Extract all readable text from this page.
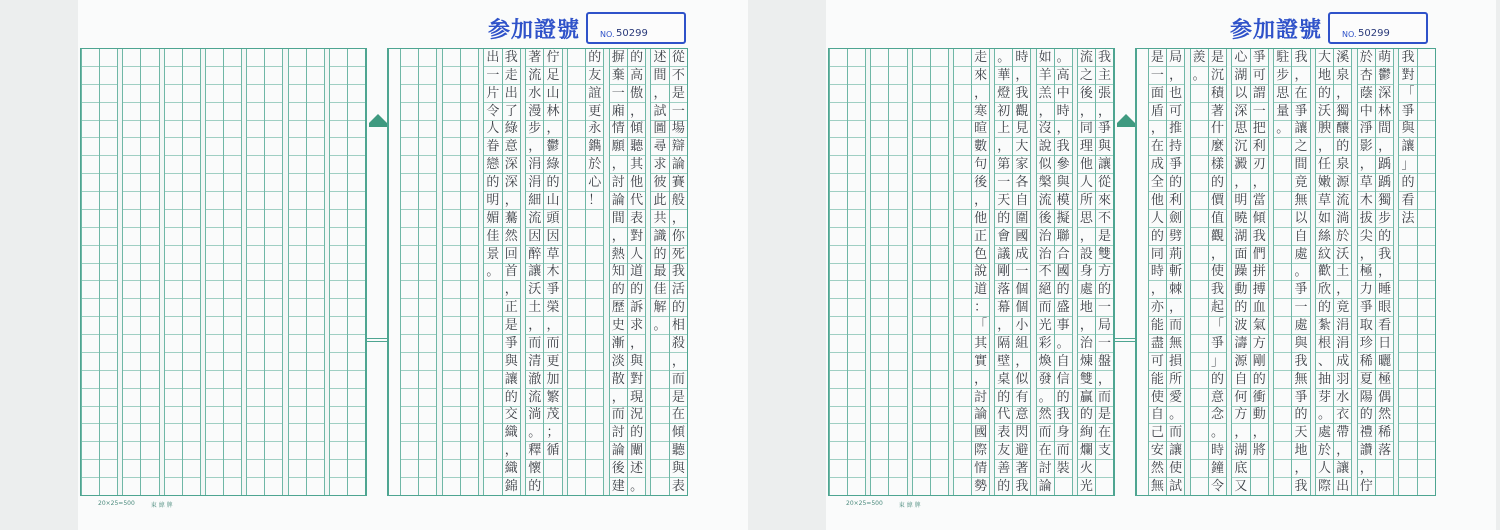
参加證號	NO. 50299
從
不
是
一
場
辯
論
賽
般
，
你
死
我
活
的
相
殺
，
而
是
在
傾
聽
與
表
述
間
，
試
圖
尋
求
彼
此
共
識
的
最
佳
解
。
的
高
傲
，
傾
聽
其
他
代
表
對
人
道
的
訴
求
，
與
對
現
況
的
闡
述
。
摒
棄
一
廂
情
願
，
討
論
間
，
熱
知
的
歷
史
漸
淡
散
，
而
討
論
後
建
的
友
誼
更
永
鐫
於
心
！
佇
足
山
林
，
鬱
綠
的
山
頭
因
草
木
爭
榮
，
而
更
加
繁
茂
；
循
著
流
水
漫
步
，
涓
涓
細
流
因
醉
讓
沃
土
，
而
清
澈
流
淌
。
釋
懷
的
我
走
出
了
綠
意
深
深
，
驀
然
回
首
，
正
是
爭
與
讓
的
交
織
，
織
錦
出
一
片
令
人
眷
戀
的
明
媚
佳
景
。
20×25=500	東 緯 牌
参加證號	NO. 50299
我
主
張
，
爭
與
讓
從
來
不
是
雙
方
的
一
局
一
盤
，
而
是
在
支
流
之
後
，
同
理
他
人
所
思
，
設
身
處
地
，
治
煉
雙
贏
的
絢
爛
火
光
。
高
中
時
，
我
參
與
模
擬
聯
合
國
的
盛
事
。
自
信
的
我
身
而
裝
如
羊
羔
，
沒
說
似
槃
流
後
治
治
不
絕
而
光
彩
煥
發
。
然
而
在
討
論
時
，
我
觀
見
大
家
各
自
圍
國
成
一
個
個
小
組
，
似
有
意
閃
避
著
我
。
華
燈
初
上
，
第
一
天
的
會
議
剛
落
幕
，
隔
壁
桌
的
代
表
友
善
的
走
來
，
寒
暄
數
句
後
，
他
正
色
說
道
：
「
其
實
，
討
論
國
際
情
勢
我
對
「
爭
與
讓
」
的
看
法
萌
鬱
深
林
間
，
踽
踽
獨
步
的
我
，
睡
眼
看
日
曬
極
偶
然
稀
落
於
杏
蔭
中
淨
影
，
草
木
拔
尖
，
極
力
爭
取
珍
稀
夏
陽
的
禮
讚
，
佇
溪
泉
，
獨
釀
的
泉
源
流
淌
於
沃
土
，
竟
涓
涓
成
羽
水
衣
帶
，
讓
出
大
地
的
沃
腴
，
任
嫩
草
如
絲
紋
歡
欣
的
紮
根
、
抽
芽
。
處
於
人
際
我
，
在
爭
讓
之
間
竟
無
以
自
處
。
爭
一
處
與
我
無
爭
的
天
地
，
我
駐
步
思
量
。
爭
可
謂
一
把
利
刃
，
當
傾
我
們
拼
搏
血
氣
方
剛
的
衝
動
，
將
心
湖
以
深
思
沉
澱
，
明
曉
湖
面
躁
動
的
波
濤
源
自
何
方
，
湖
底
又
是
沉
積
著
什
麼
樣
的
價
值
觀
，
使
我
起
「
爭
」
的
意
念
。
時
鐘
令
羨
。
局
，
也
可
推
持
爭
的
利
劍
劈
荊
斬
棘
，
而
無
損
所
愛
。
而
讓
使
試
是
一
面
盾
，
在
成
全
他
人
的
同
時
，
亦
能
盡
可
能
使
自
己
安
然
無
20×25=500	東 緯 牌
